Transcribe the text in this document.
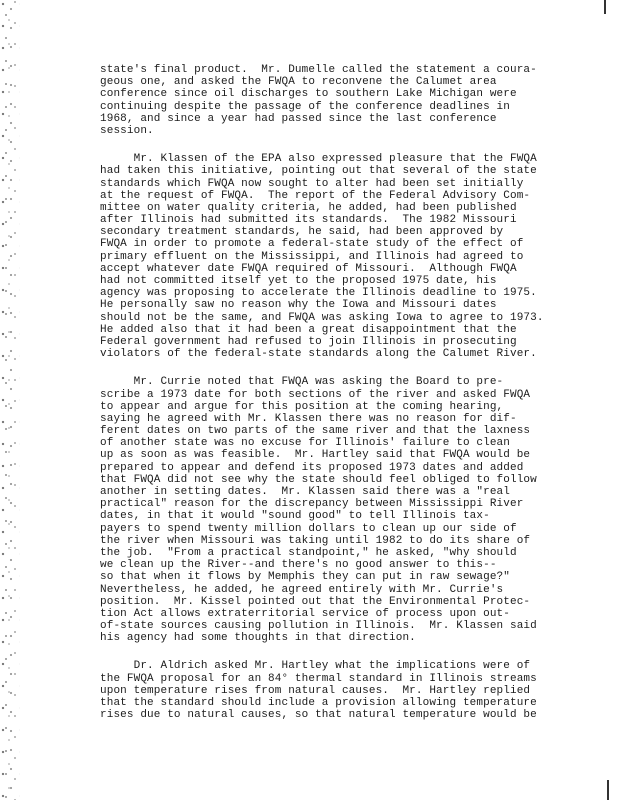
state's final product.  Mr. Dumelle called the statement a coura-
geous one, and asked the FWQA to reconvene the Calumet area
conference since oil discharges to southern Lake Michigan were
continuing despite the passage of the conference deadlines in
1968, and since a year had passed since the last conference
session.

Mr. Klassen of the EPA also expressed pleasure that the FWQA
had taken this initiative, pointing out that several of the state
standards which FWQA now sought to alter had been set initially
at the request of FWQA.  The report of the Federal Advisory Com-
mittee on water quality criteria, he added, had been published
after Illinois had submitted its standards.  The 1982 Missouri
secondary treatment standards, he said, had been approved by
FWQA in order to promote a federal-state study of the effect of
primary effluent on the Mississippi, and Illinois had agreed to
accept whatever date FWQA required of Missouri.  Although FWQA
had not committed itself yet to the proposed 1975 date, his
agency was proposing to accelerate the Illinois deadline to 1975.
He personally saw no reason why the Iowa and Missouri dates
should not be the same, and FWQA was asking Iowa to agree to 1973.
He added also that it had been a great disappointment that the
Federal government had refused to join Illinois in prosecuting
violators of the federal-state standards along the Calumet River.

Mr. Currie noted that FWQA was asking the Board to pre-
scribe a 1973 date for both sections of the river and asked FWQA
to appear and argue for this position at the coming hearing,
saying he agreed with Mr. Klassen there was no reason for dif-
ferent dates on two parts of the same river and that the laxness
of another state was no excuse for Illinois' failure to clean
up as soon as was feasible.  Mr. Hartley said that FWQA would be
prepared to appear and defend its proposed 1973 dates and added
that FWQA did not see why the state should feel obliged to follow
another in setting dates.  Mr. Klassen said there was a "real
practical" reason for the discrepancy between Mississippi River
dates, in that it would "sound good" to tell Illinois tax-
payers to spend twenty million dollars to clean up our side of
the river when Missouri was taking until 1982 to do its share of
the job.  "From a practical standpoint," he asked, "why should
we clean up the River--and there's no good answer to this--
so that when it flows by Memphis they can put in raw sewage?"
Nevertheless, he added, he agreed entirely with Mr. Currie's
position.  Mr. Kissel pointed out that the Environmental Protec-
tion Act allows extraterritorial service of process upon out-
of-state sources causing pollution in Illinois.  Mr. Klassen said
his agency had some thoughts in that direction.

Dr. Aldrich asked Mr. Hartley what the implications were of
the FWQA proposal for an 84° thermal standard in Illinois streams
upon temperature rises from natural causes.  Mr. Hartley replied
that the standard should include a provision allowing temperature
rises due to natural causes, so that natural temperature would be
